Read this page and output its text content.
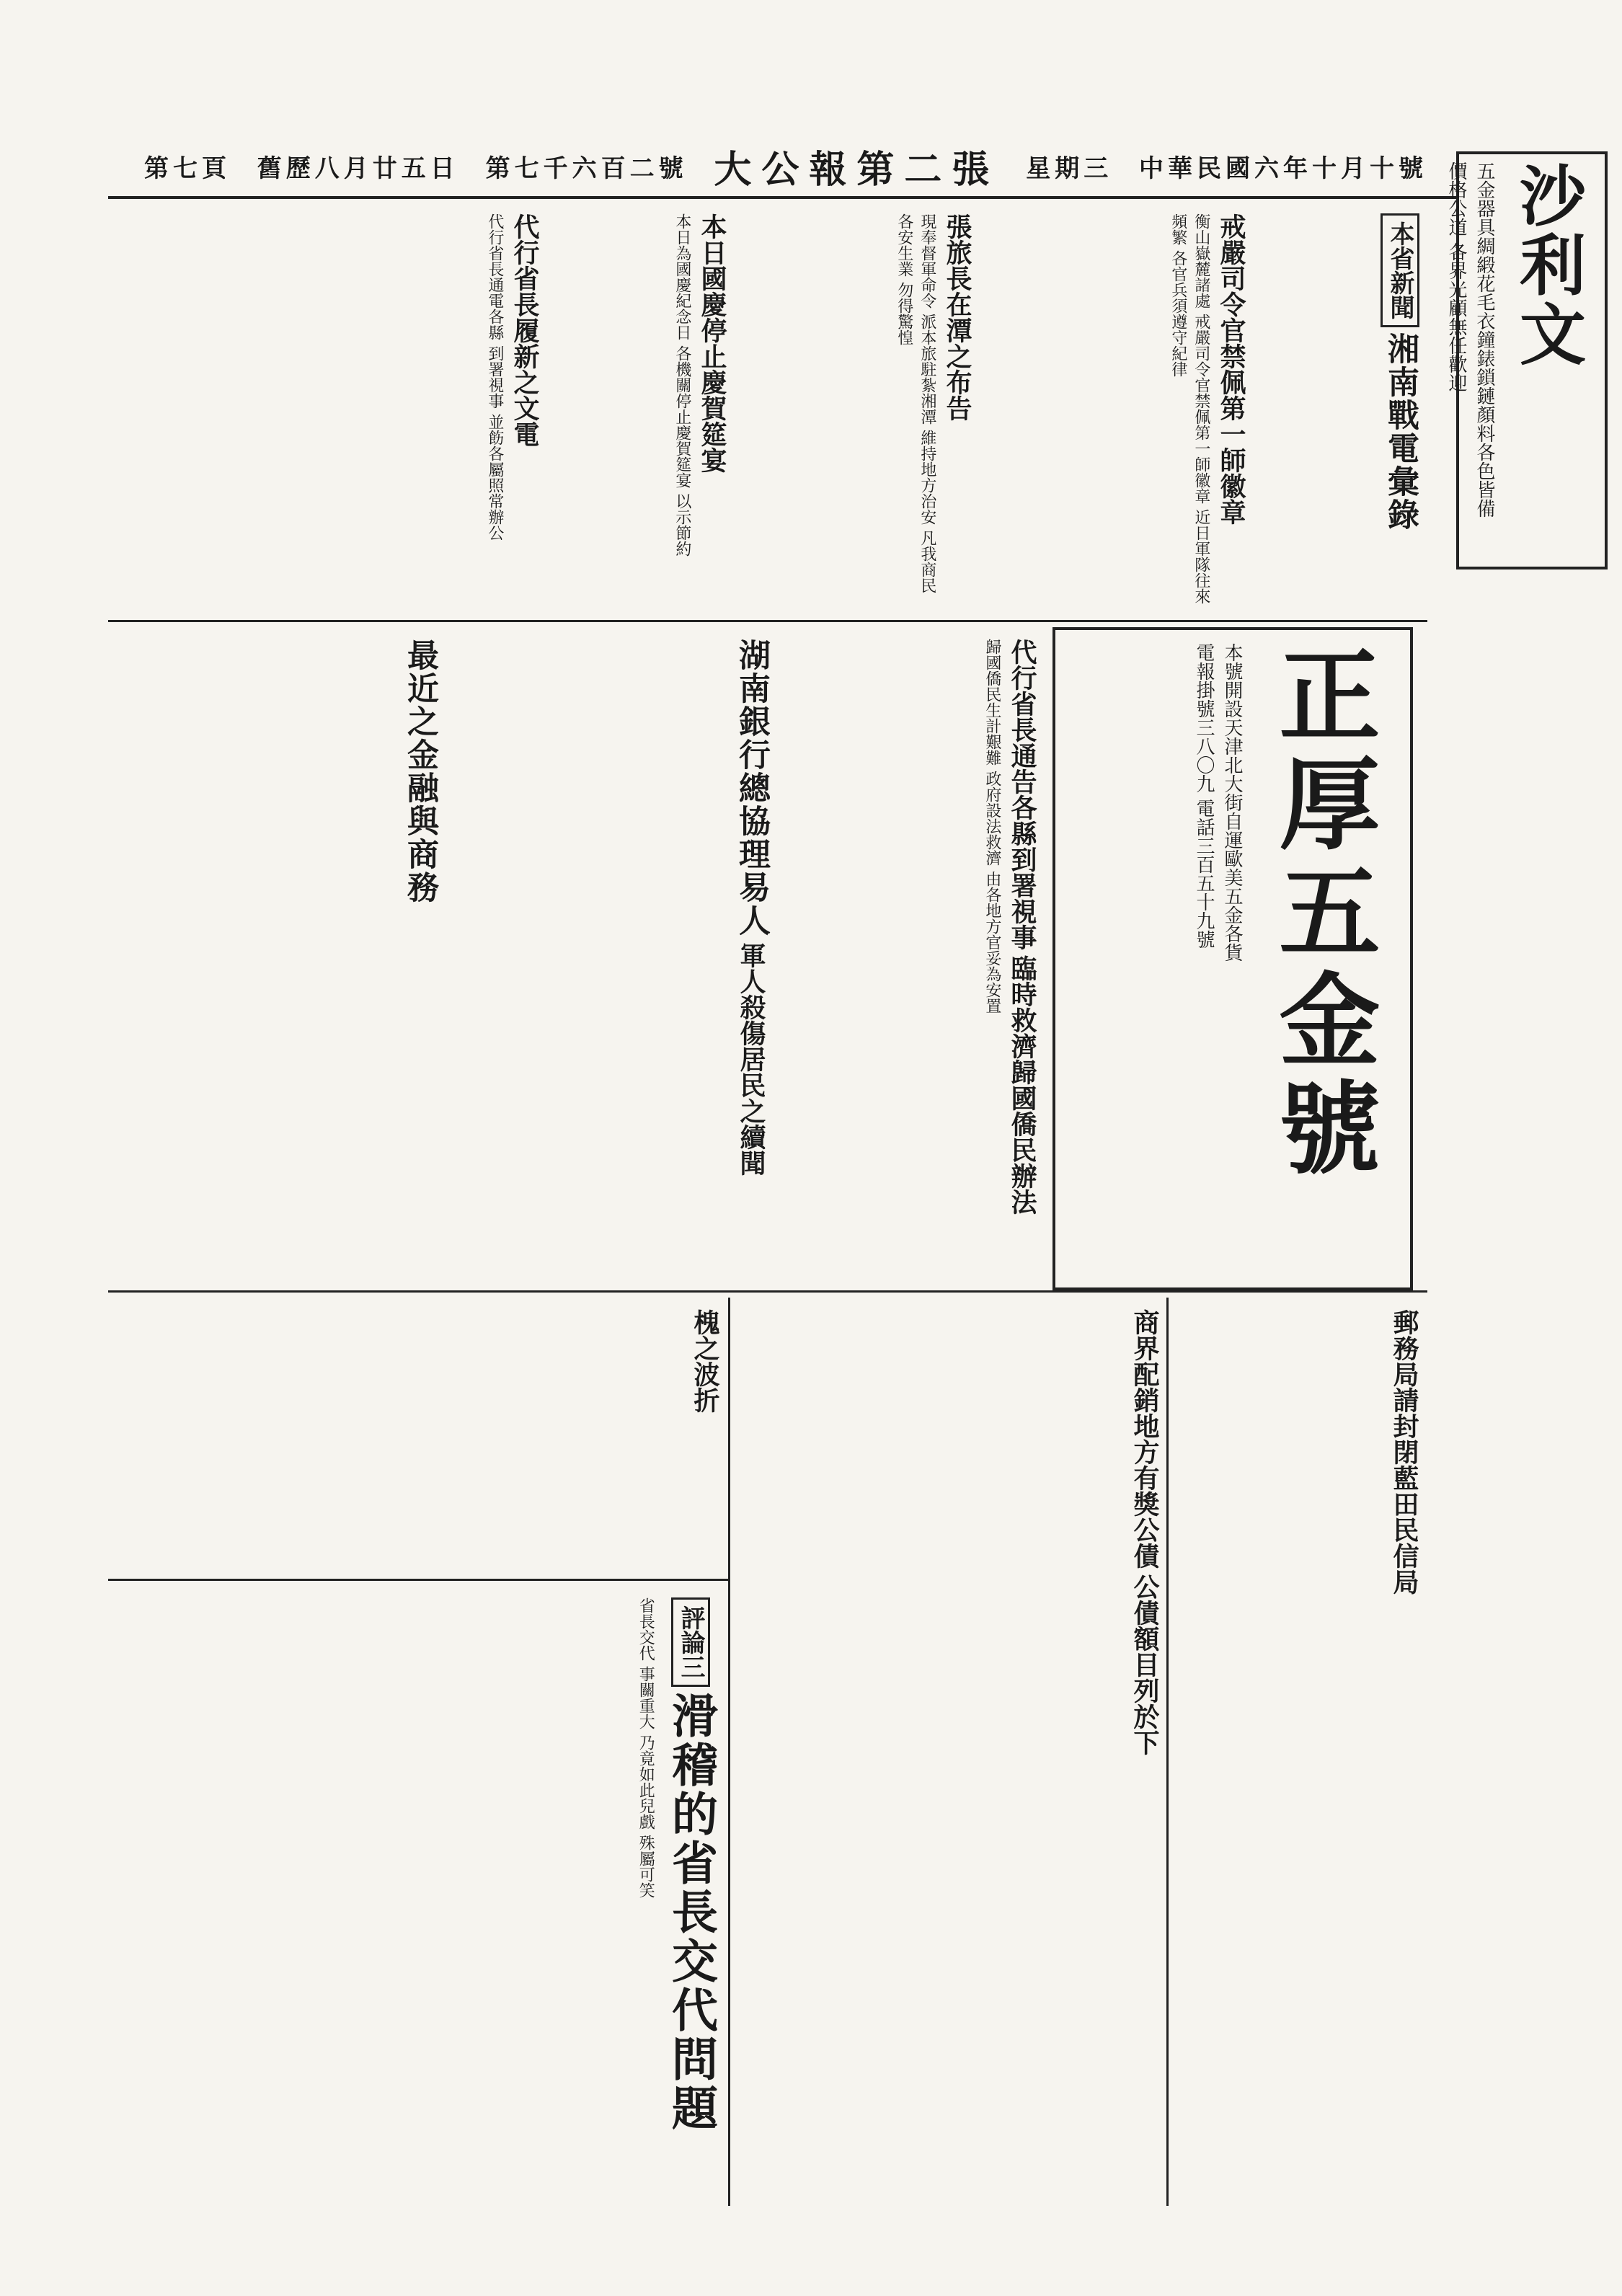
中華民國六年十月十號
星期三
大公報第二張
第七千六百二號
舊歷八月廿五日
第七頁	沙利文
五金器具綢緞花毛衣鐘錶鎖鏈顏料各色皆備
價格公道 各界光顧無任歡迎
本省新聞 湘南戰電彙錄
戒嚴司令官禁佩第一師徽章

衡山嶽麓諸處 戒嚴司令官禁佩第一師徽章 近日軍隊往來頻繁 各官兵須遵守紀律

張旅長在潭之布告

現奉督軍命令 派本旅駐紮湘潭 維持地方治安 凡我商民各安生業 勿得驚惶

本日國慶停止慶賀筵宴

本日為國慶紀念日 各機關停止慶賀筵宴 以示節約

代行省長履新之文電

代行省長通電各縣 到署視事 並飭各屬照常辦公

正厚五金號
本號開設天津北大街自運歐美五金各貨
電報掛號三八〇九 電話三百五十九號
代行省長通告各縣到署視事 臨時救濟歸國僑民辦法

歸國僑民生計艱難 政府設法救濟 由各地方官妥為安置

湖南銀行總協理易人 軍人殺傷居民之續聞
最近之金融與商務
商界配銷地方有獎公債 公債額目列於下
槐之波折	郵務局請封閉藍田民信局
評論三 滑稽的省長交代問題

省長交代 事關重大 乃竟如此兒戲 殊屬可笑
